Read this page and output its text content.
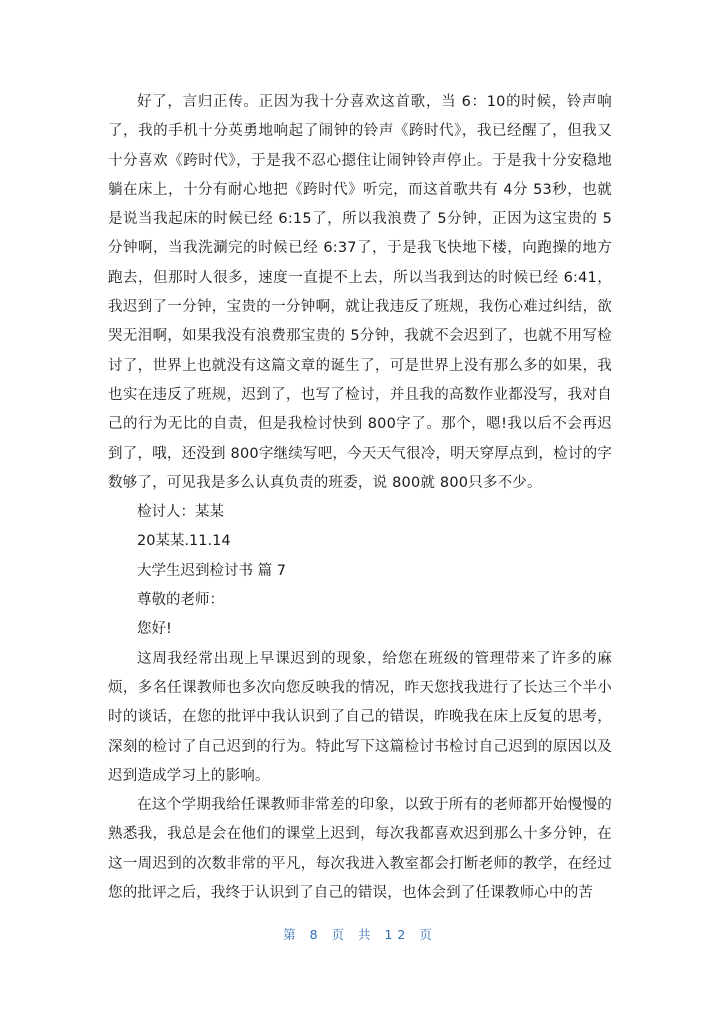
好了，言归正传。正因为我十分喜欢这首歌，当 6：10的时候，铃声响了，我的手机十分英勇地响起了闹钟的铃声《跨时代》，我已经醒了，但我又十分喜欢《跨时代》，于是我不忍心摁住让闹钟铃声停止。于是我十分安稳地躺在床上，十分有耐心地把《跨时代》听完，而这首歌共有 4分 53秒，也就是说当我起床的时候已经 6:15了，所以我浪费了 5分钟，正因为这宝贵的 5分钟啊，当我洗涮完的时候已经 6:37了，于是我飞快地下楼，向跑操的地方跑去，但那时人很多，速度一直提不上去，所以当我到达的时候已经 6:41，我迟到了一分钟，宝贵的一分钟啊，就让我违反了班规，我伤心难过纠结，欲哭无泪啊，如果我没有浪费那宝贵的 5分钟，我就不会迟到了，也就不用写检讨了，世界上也就没有这篇文章的诞生了，可是世界上没有那么多的如果，我也实在违反了班规，迟到了，也写了检讨，并且我的高数作业都没写，我对自己的行为无比的自责，但是我检讨快到 800字了。那个，嗯!我以后不会再迟到了，哦，还没到 800字继续写吧，今天天气很冷，明天穿厚点到，检讨的字数够了，可见我是多么认真负责的班委，说 800就 800只多不少。

检讨人：某某

20某某.11.14

大学生迟到检讨书 篇 7

尊敬的老师：

您好!

这周我经常出现上早课迟到的现象，给您在班级的管理带来了许多的麻烦，多名任课教师也多次向您反映我的情况，昨天您找我进行了长达三个半小时的谈话，在您的批评中我认识到了自己的错误，昨晚我在床上反复的思考，深刻的检讨了自己迟到的行为。特此写下这篇检讨书检讨自己迟到的原因以及迟到造成学习上的影响。

在这个学期我给任课教师非常差的印象，以致于所有的老师都开始慢慢的熟悉我，我总是会在他们的课堂上迟到，每次我都喜欢迟到那么十多分钟，在这一周迟到的次数非常的平凡，每次我进入教室都会打断老师的教学，在经过您的批评之后，我终于认识到了自己的错误，也体会到了任课教师心中的苦

第 8 页 共 12 页
